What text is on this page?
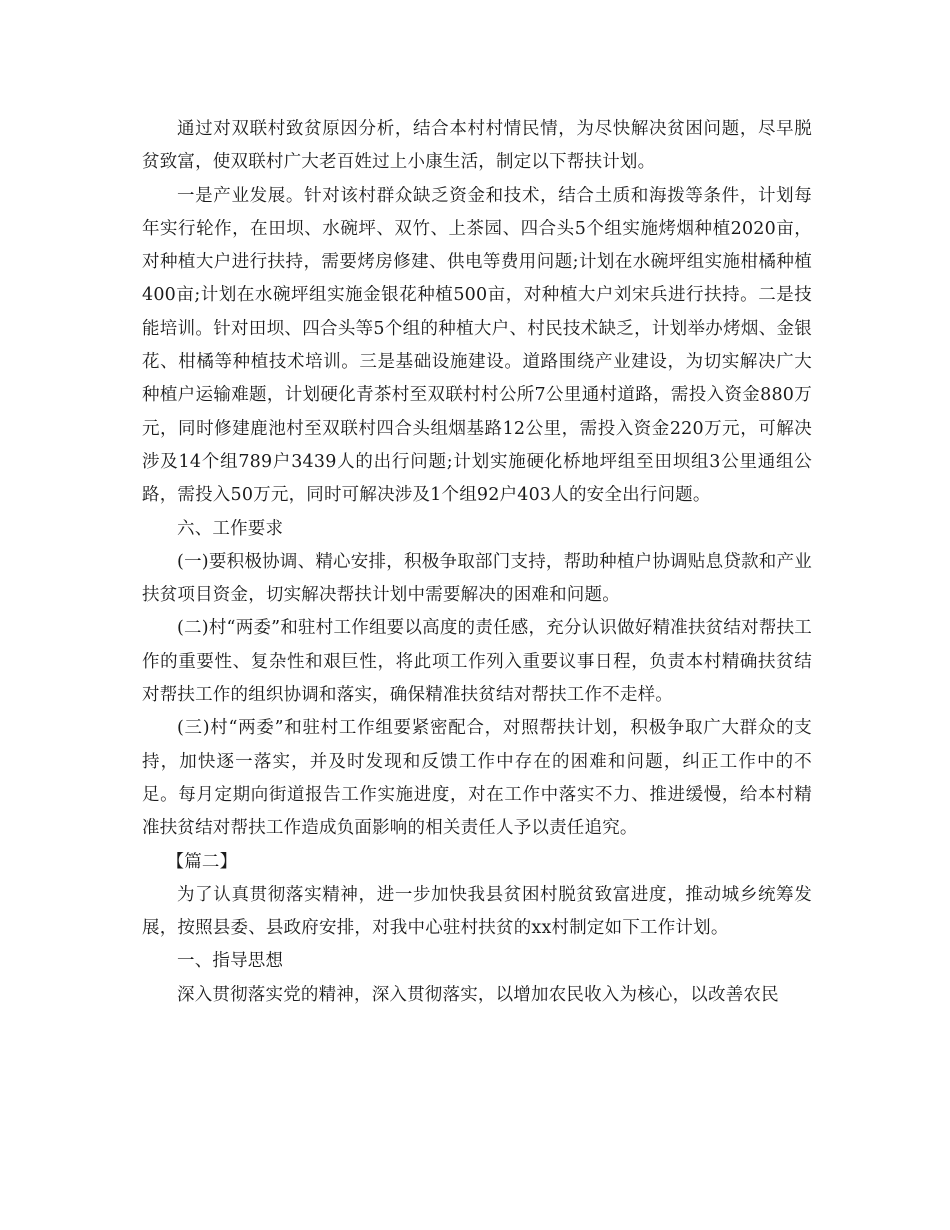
通过对双联村致贫原因分析，结合本村村情民情，为尽快解决贫困问题，尽早脱贫致富，使双联村广大老百姓过上小康生活，制定以下帮扶计划。

一是产业发展。针对该村群众缺乏资金和技术，结合土质和海拨等条件，计划每年实行轮作，在田坝、水碗坪、双竹、上茶园、四合头5个组实施烤烟种植2020亩，对种植大户进行扶持，需要烤房修建、供电等费用问题;计划在水碗坪组实施柑橘种植400亩;计划在水碗坪组实施金银花种植500亩，对种植大户刘宋兵进行扶持。二是技能培训。针对田坝、四合头等5个组的种植大户、村民技术缺乏，计划举办烤烟、金银花、柑橘等种植技术培训。三是基础设施建设。道路围绕产业建设，为切实解决广大种植户运输难题，计划硬化青茶村至双联村村公所7公里通村道路，需投入资金880万元，同时修建鹿池村至双联村四合头组烟基路12公里，需投入资金220万元，可解决涉及14个组789户3439人的出行问题;计划实施硬化桥地坪组至田坝组3公里通组公路，需投入50万元，同时可解决涉及1个组92户403人的安全出行问题。

六、工作要求

(一)要积极协调、精心安排，积极争取部门支持，帮助种植户协调贴息贷款和产业扶贫项目资金，切实解决帮扶计划中需要解决的困难和问题。

(二)村“两委”和驻村工作组要以高度的责任感，充分认识做好精准扶贫结对帮扶工作的重要性、复杂性和艰巨性，将此项工作列入重要议事日程，负责本村精确扶贫结对帮扶工作的组织协调和落实，确保精准扶贫结对帮扶工作不走样。

(三)村“两委”和驻村工作组要紧密配合，对照帮扶计划，积极争取广大群众的支持，加快逐一落实，并及时发现和反馈工作中存在的困难和问题，纠正工作中的不足。每月定期向街道报告工作实施进度，对在工作中落实不力、推进缓慢，给本村精准扶贫结对帮扶工作造成负面影响的相关责任人予以责任追究。

【篇二】

为了认真贯彻落实精神，进一步加快我县贫困村脱贫致富进度，推动城乡统筹发展，按照县委、县政府安排，对我中心驻村扶贫的xx村制定如下工作计划。

一、指导思想

深入贯彻落实党的精神，深入贯彻落实，以增加农民收入为核心，以改善农民
